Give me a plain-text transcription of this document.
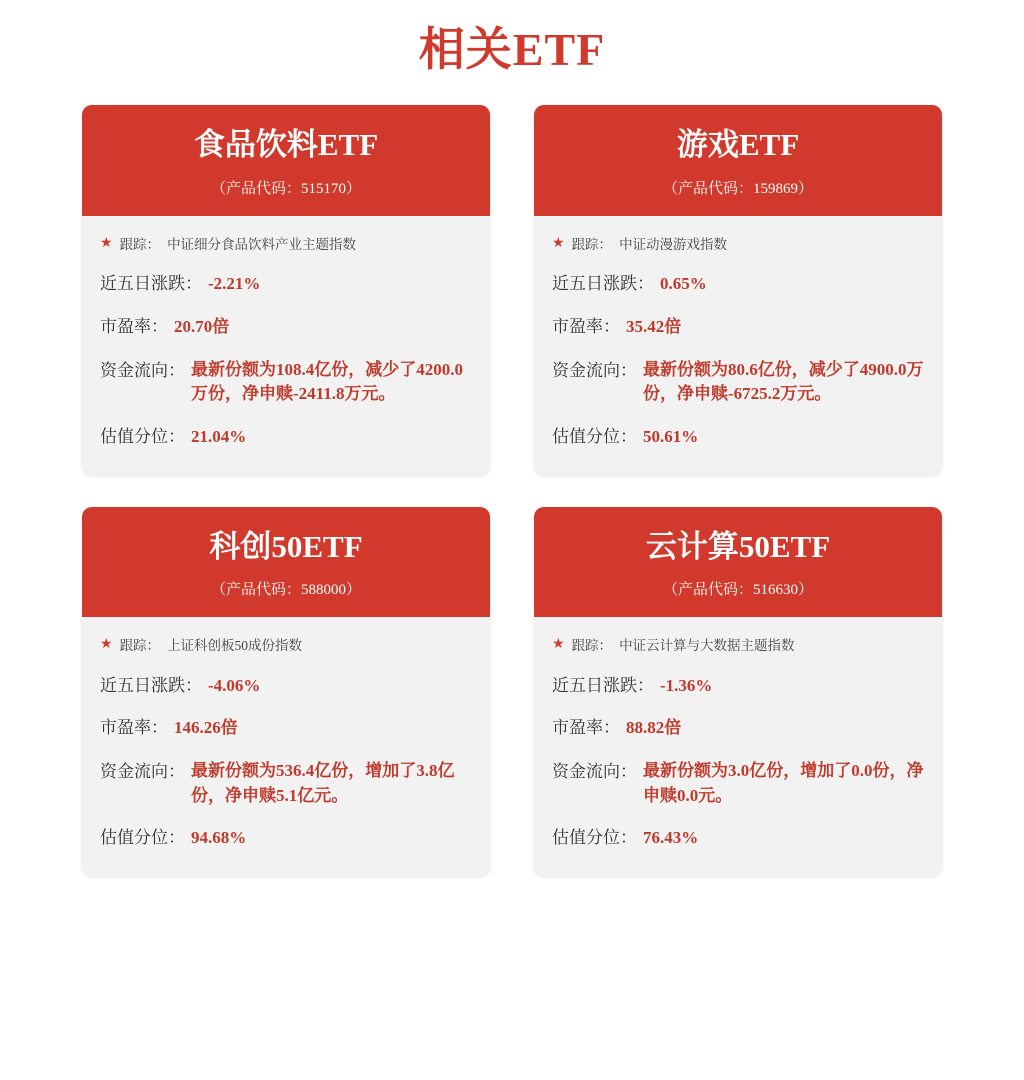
相关ETF
食品饮料ETF
（产品代码：515170）
★ 跟踪： 中证细分食品饮料产业主题指数
近五日涨跌： -2.21%
市盈率： 20.70倍
资金流向： 最新份额为108.4亿份，减少了4200.0万份，净申赎-2411.8万元。
估值分位： 21.04%
游戏ETF
（产品代码：159869）
★ 跟踪： 中证动漫游戏指数
近五日涨跌： 0.65%
市盈率： 35.42倍
资金流向： 最新份额为80.6亿份，减少了4900.0万份，净申赎-6725.2万元。
估值分位： 50.61%
科创50ETF
（产品代码：588000）
★ 跟踪： 上证科创板50成份指数
近五日涨跌： -4.06%
市盈率： 146.26倍
资金流向： 最新份额为536.4亿份，增加了3.8亿份，净申赎5.1亿元。
估值分位： 94.68%
云计算50ETF
（产品代码：516630）
★ 跟踪： 中证云计算与大数据主题指数
近五日涨跌： -1.36%
市盈率： 88.82倍
资金流向： 最新份额为3.0亿份，增加了0.0份，净申赎0.0元。
估值分位： 76.43%
